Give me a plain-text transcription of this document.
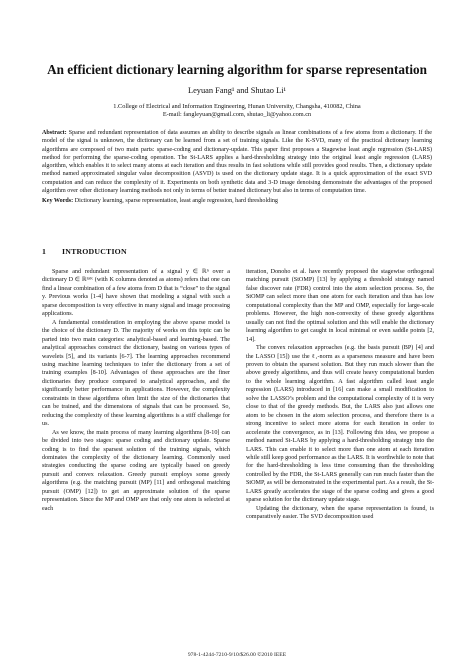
An efficient dictionary learning algorithm for sparse representation
Leyuan Fang¹ and Shutao Li¹
1.College of Electrical and Information Engineering, Hunan University, Changsha, 410082, China
E-mail: fangleyuan@gmail.com, shutao_li@yahoo.com.cn

Abstract: Sparse and redundant representation of data assumes an ability to describe signals as linear combinations of a few atoms from a dictionary. If the model of the signal is unknown, the dictionary can be learned from a set of training signals. Like the K-SVD, many of the practical dictionary learning algorithms are composed of two main parts: sparse-coding and dictionary-update. This paper first proposes a Stagewise least angle regression (St-LARS) method for performing the sparse-coding operation. The St-LARS applies a hard-thresholding strategy into the original least angle regression (LARS) algorithm, which enables it to select many atoms at each iteration and thus results in fast solutions while still provides good results. Then, a dictionary update method named approximated singular value decomposition (ASVD) is used on the dictionary update stage. It is a quick approximation of the exact SVD computation and can reduce the complexity of it. Experiments on both synthetic data and 3-D image denoising demonstrate the advantages of the proposed algorithm over other dictionary learning methods not only in terms of better trained dictionary but also in terms of computation time.

Key Words: Dictionary learning, sparse representation, least angle regression, hard thresholding

1 INTRODUCTION

Sparse and redundant representation of a signal y ∈ ℝⁿ over a dictionary D ∈ ℝⁿˣᴷ (with K columns denoted as atoms) refers that one can find a linear combination of a few atoms from D that is “close” to the signal y. Previous works [1-4] have shown that modeling a signal with such a sparse decomposition is very effective in many signal and image processing applications.

A fundamental consideration in employing the above sparse model is the choice of the dictionary D. The majority of works on this topic can be parted into two main categories: analytical-based and learning-based. The analytical approaches construct the dictionary, basing on various types of wavelets [5], and its variants [6-7]. The learning approaches recommend using machine learning techniques to infer the dictionary from a set of training examples [8-10]. Advantages of these approaches are the finer dictionaries they produce compared to analytical approaches, and the significantly better performance in applications. However, the complexity constraints in these algorithms often limit the size of the dictionaries that can be trained, and the dimensions of signals that can be processed. So, reducing the complexity of these learning algorithms is a stiff challenge for us.

As we know, the main process of many learning algorithms [8-10] can be divided into two stages: sparse coding and dictionary update. Sparse coding is to find the sparsest solution of the training signals, which dominates the complexity of the dictionary learning. Commonly used strategies conducting the sparse coding are typically based on greedy pursuit and convex relaxation. Greedy pursuit employs some greedy algorithms (e.g. the matching pursuit (MP) [11] and orthogonal matching pursuit (OMP) [12]) to get an approximate solution of the sparse representation. Since the MP and OMP are that only one atom is selected at each

iteration, Donoho et al. have recently proposed the stagewise orthogonal matching pursuit (StOMP) [13] by applying a threshold strategy named false discover rate (FDR) control into the atom selection process. So, the StOMP can select more than one atom for each iteration and thus has low computational complexity than the MP and OMP, especially for large-scale problems. However, the high non-convexity of these greedy algorithms usually can not find the optimal solution and this will enable the dictionary learning algorithm to get caught in local minimal or even saddle points [2, 14].

The convex relaxation approaches (e.g. the basis pursuit (BP) [4] and the LASSO [15]) use the ℓ₁-norm as a sparseness measure and have been proven to obtain the sparsest solution. But they run much slower than the above greedy algorithms, and thus will create heavy computational burden to the whole learning algorithm. A fast algorithm called least angle regression (LARS) introduced in [16] can make a small modification to solve the LASSO’s problem and the computational complexity of it is very close to that of the greedy methods. But, the LARS also just allows one atom to be chosen in the atom selection process, and therefore there is a strong incentive to select more atoms for each iteration in order to accelerate the convergence, as in [13]. Following this idea, we propose a method named St-LARS by applying a hard-thresholding strategy into the LARS. This can enable it to select more than one atom at each iteration while still keep good performance as the LARS. It is worthwhile to note that for the hard-thresholding is less time consuming than the thresholding controlled by the FDR, the St-LARS generally can run much faster than the StOMP, as will be demonstrated in the experimental part. As a result, the St-LARS greatly accelerates the stage of the sparse coding and gives a good sparse solution for the dictionary update stage.

Updating the dictionary, when the sparse representation is found, is comparatively easier. The SVD decomposition used

978-1-4244-7210-9/10/$26.00 ©2010 IEEE
